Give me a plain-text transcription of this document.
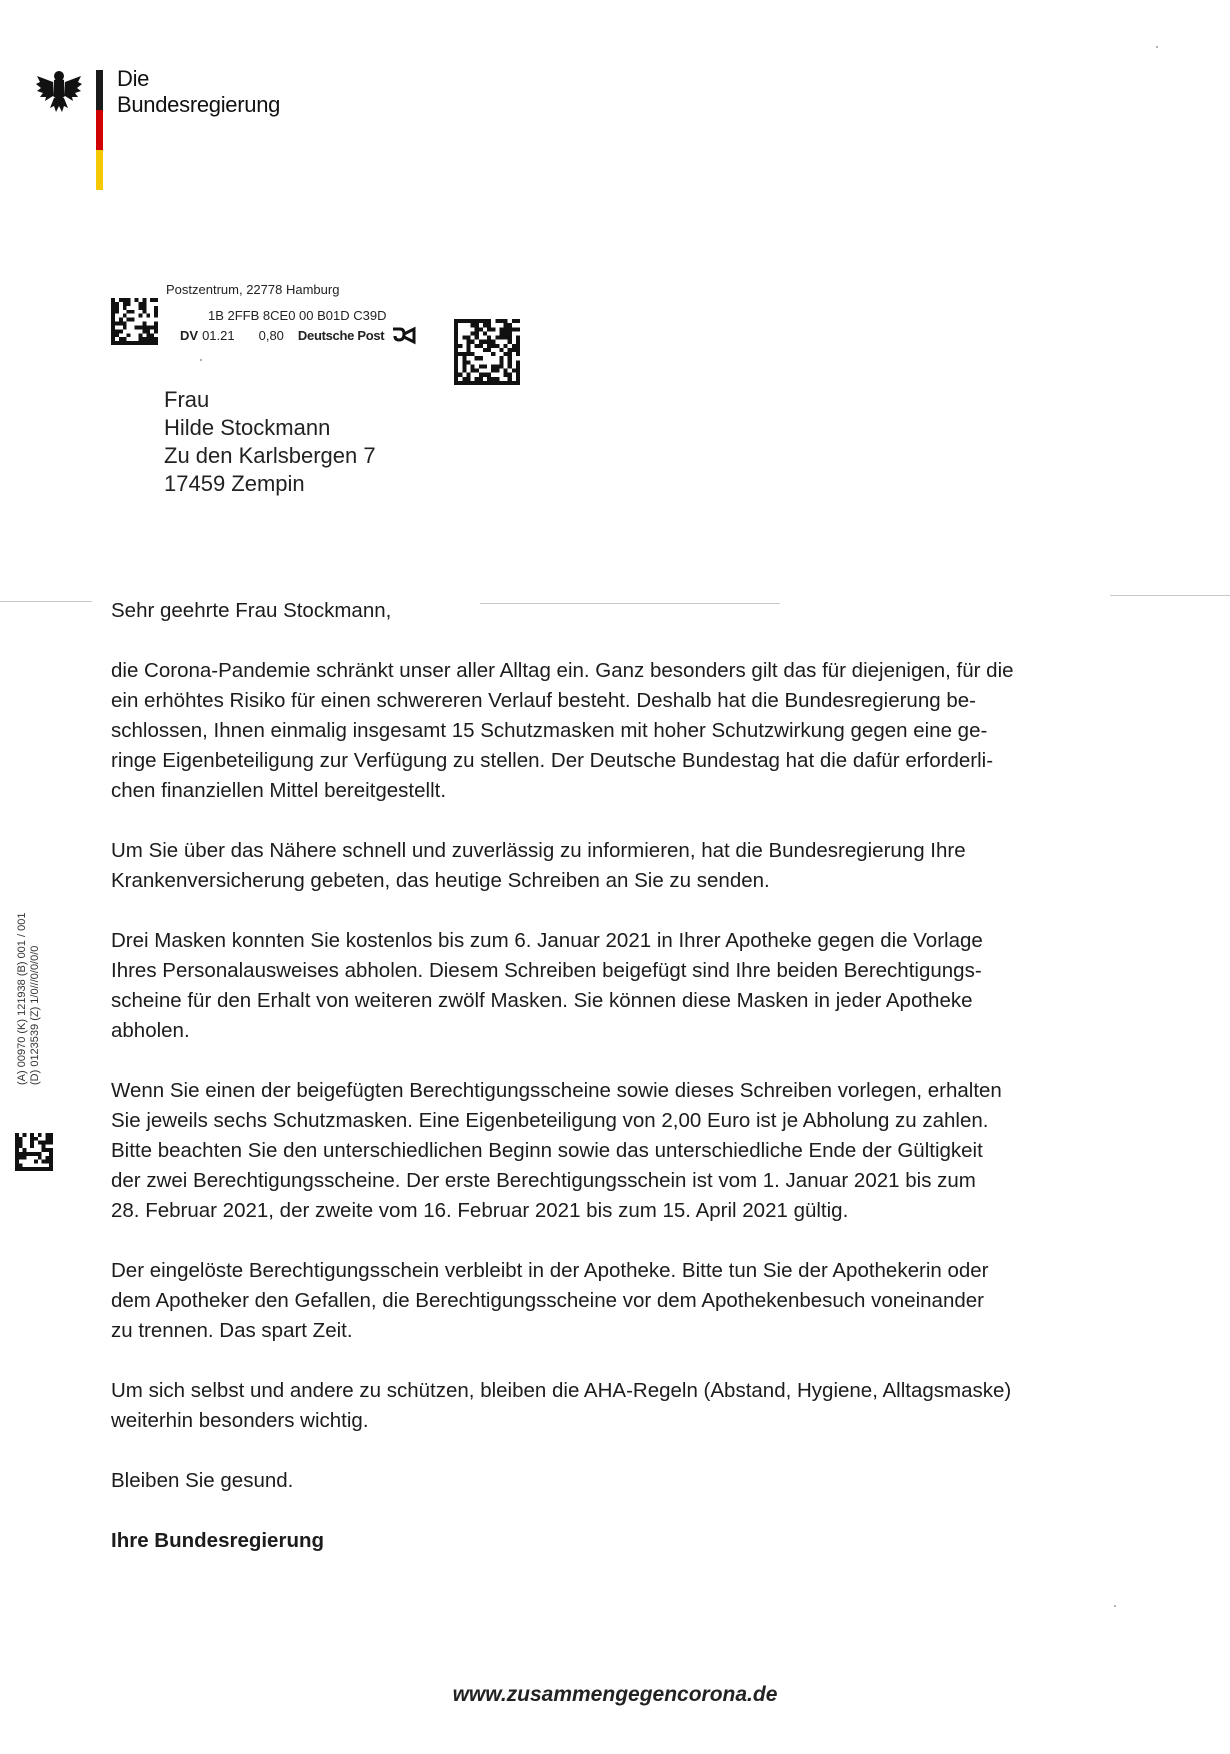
Die
Bundesregierung
Postzentrum, 22778 Hamburg
1B 2FFB 8CE0 00 B01D C39D
DV 01.21 0,80 Deutsche Post
Frau
Hilde Stockmann
Zu den Karlsbergen 7
17459 Zempin

Sehr geehrte Frau Stockmann,

die Corona-Pandemie schränkt unser aller Alltag ein. Ganz besonders gilt das für diejenigen, für die
ein erhöhtes Risiko für einen schwereren Verlauf besteht. Deshalb hat die Bundesregierung be-
schlossen, Ihnen einmalig insgesamt 15 Schutzmasken mit hoher Schutzwirkung gegen eine ge-
ringe Eigenbeteiligung zur Verfügung zu stellen. Der Deutsche Bundestag hat die dafür erforderli-
chen finanziellen Mittel bereitgestellt.

Um Sie über das Nähere schnell und zuverlässig zu informieren, hat die Bundesregierung Ihre
Krankenversicherung gebeten, das heutige Schreiben an Sie zu senden.

Drei Masken konnten Sie kostenlos bis zum 6. Januar 2021 in Ihrer Apotheke gegen die Vorlage
Ihres Personalausweises abholen. Diesem Schreiben beigefügt sind Ihre beiden Berechtigungs-
scheine für den Erhalt von weiteren zwölf Masken. Sie können diese Masken in jeder Apotheke
abholen.

Wenn Sie einen der beigefügten Berechtigungsscheine sowie dieses Schreiben vorlegen, erhalten
Sie jeweils sechs Schutzmasken. Eine Eigenbeteiligung von 2,00 Euro ist je Abholung zu zahlen.
Bitte beachten Sie den unterschiedlichen Beginn sowie das unterschiedliche Ende der Gültigkeit
der zwei Berechtigungsscheine. Der erste Berechtigungsschein ist vom 1. Januar 2021 bis zum
28. Februar 2021, der zweite vom 16. Februar 2021 bis zum 15. April 2021 gültig.

Der eingelöste Berechtigungsschein verbleibt in der Apotheke. Bitte tun Sie der Apothekerin oder
dem Apotheker den Gefallen, die Berechtigungsscheine vor dem Apothekenbesuch voneinander
zu trennen. Das spart Zeit.

Um sich selbst und andere zu schützen, bleiben die AHA-Regeln (Abstand, Hygiene, Alltagsmaske)
weiterhin besonders wichtig.

Bleiben Sie gesund.

Ihre Bundesregierung

(A) 00970 (K) 121938 (B) 001 / 001 (D) 0123539 (Z) 1/0///0/0/0/0
www.zusammengegencorona.de
